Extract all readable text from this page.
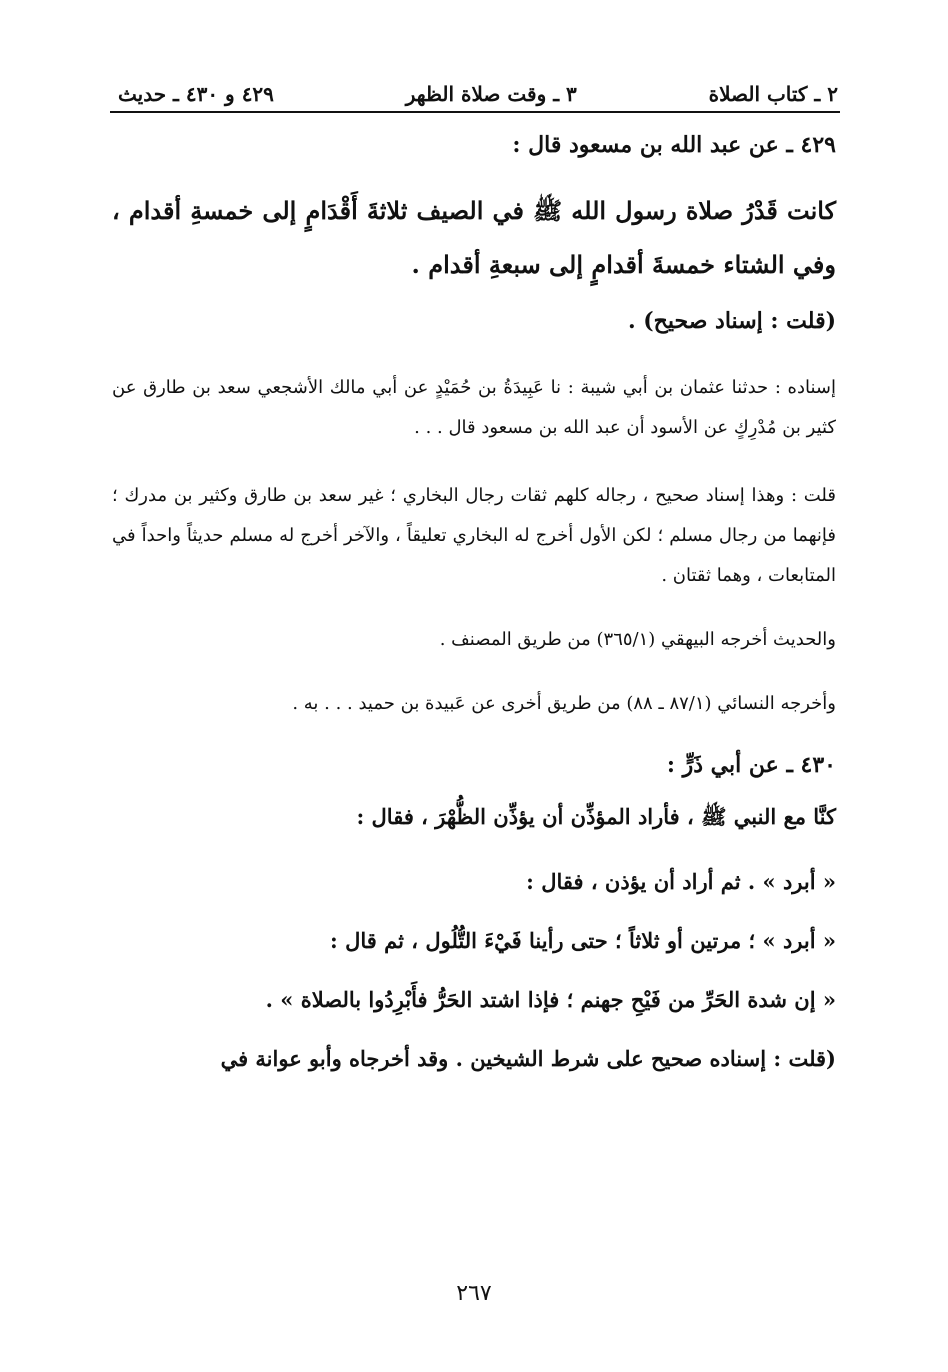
٢ ـ كتاب الصلاة
٣ ـ وقت صلاة الظهر
٤٢٩ و ٤٣٠ ـ حديث

٤٢٩ ـ عن عبد الله بن مسعود قال :

كانت قَدْرُ صلاة رسول الله ﷺ في الصيف ثلاثةَ أَقْدَامٍ إلى خمسةِ أقدام ، وفي الشتاء خمسةَ أقدامٍ إلى سبعةِ أقدام .

(قلت : إسناد صحيح) .

إسناده : حدثنا عثمان بن أبي شيبة : نا عَبِيدَةُ بن حُمَيْدٍ عن أبي مالك الأشجعي سعد بن طارق عن كثير بن مُدْرِكٍ عن الأسود أن عبد الله بن مسعود قال . . .

قلت : وهذا إسناد صحيح ، رجاله كلهم ثقات رجال البخاري ؛ غير سعد بن طارق وكثير بن مدرك ؛ فإنهما من رجال مسلم ؛ لكن الأول أخرج له البخاري تعليقاً ، والآخر أخرج له مسلم حديثاً واحداً في المتابعات ، وهما ثقتان .

والحديث أخرجه البيهقي (٣٦٥/١) من طريق المصنف .

وأخرجه النسائي (٨٧/١ ـ ٨٨) من طريق أخرى عن عَبيدة بن حميد . . . به .

٤٣٠ ـ عن أبي ذَرٍّ :

كنَّا مع النبي ﷺ ، فأراد المؤذِّن أن يؤذِّن الظُّهْرَ ، فقال :

« أبرد » . ثم أراد أن يؤذن ، فقال :

« أبرد » ؛ مرتين أو ثلاثاً ؛ حتى رأينا فَيْءَ التُّلُول ، ثم قال :

« إن شدة الحَرِّ من فَيْحِ جهنم ؛ فإذا اشتد الحَرُّ فأَبْرِدُوا بالصلاة » .

(قلت : إسناده صحيح على شرط الشيخين . وقد أخرجاه وأبو عوانة في

٢٦٧
